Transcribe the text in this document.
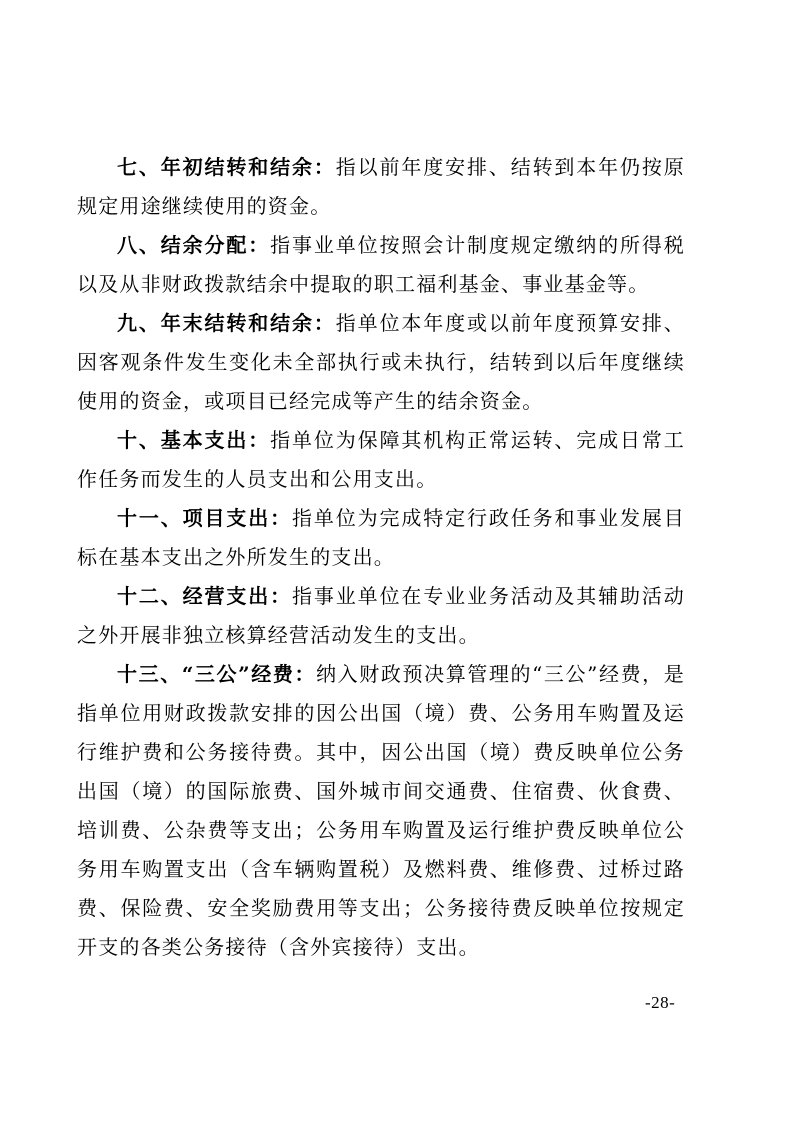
七、年初结转和结余：指以前年度安排、结转到本年仍按原规定用途继续使用的资金。

八、结余分配：指事业单位按照会计制度规定缴纳的所得税以及从非财政拨款结余中提取的职工福利基金、事业基金等。

九、年末结转和结余：指单位本年度或以前年度预算安排、因客观条件发生变化未全部执行或未执行，结转到以后年度继续使用的资金，或项目已经完成等产生的结余资金。

十、基本支出：指单位为保障其机构正常运转、完成日常工作任务而发生的人员支出和公用支出。

十一、项目支出：指单位为完成特定行政任务和事业发展目标在基本支出之外所发生的支出。

十二、经营支出：指事业单位在专业业务活动及其辅助活动之外开展非独立核算经营活动发生的支出。

十三、“三公”经费：纳入财政预决算管理的“三公”经费，是指单位用财政拨款安排的因公出国（境）费、公务用车购置及运行维护费和公务接待费。其中，因公出国（境）费反映单位公务出国（境）的国际旅费、国外城市间交通费、住宿费、伙食费、培训费、公杂费等支出；公务用车购置及运行维护费反映单位公务用车购置支出（含车辆购置税）及燃料费、维修费、过桥过路费、保险费、安全奖励费用等支出；公务接待费反映单位按规定开支的各类公务接待（含外宾接待）支出。

-28-
